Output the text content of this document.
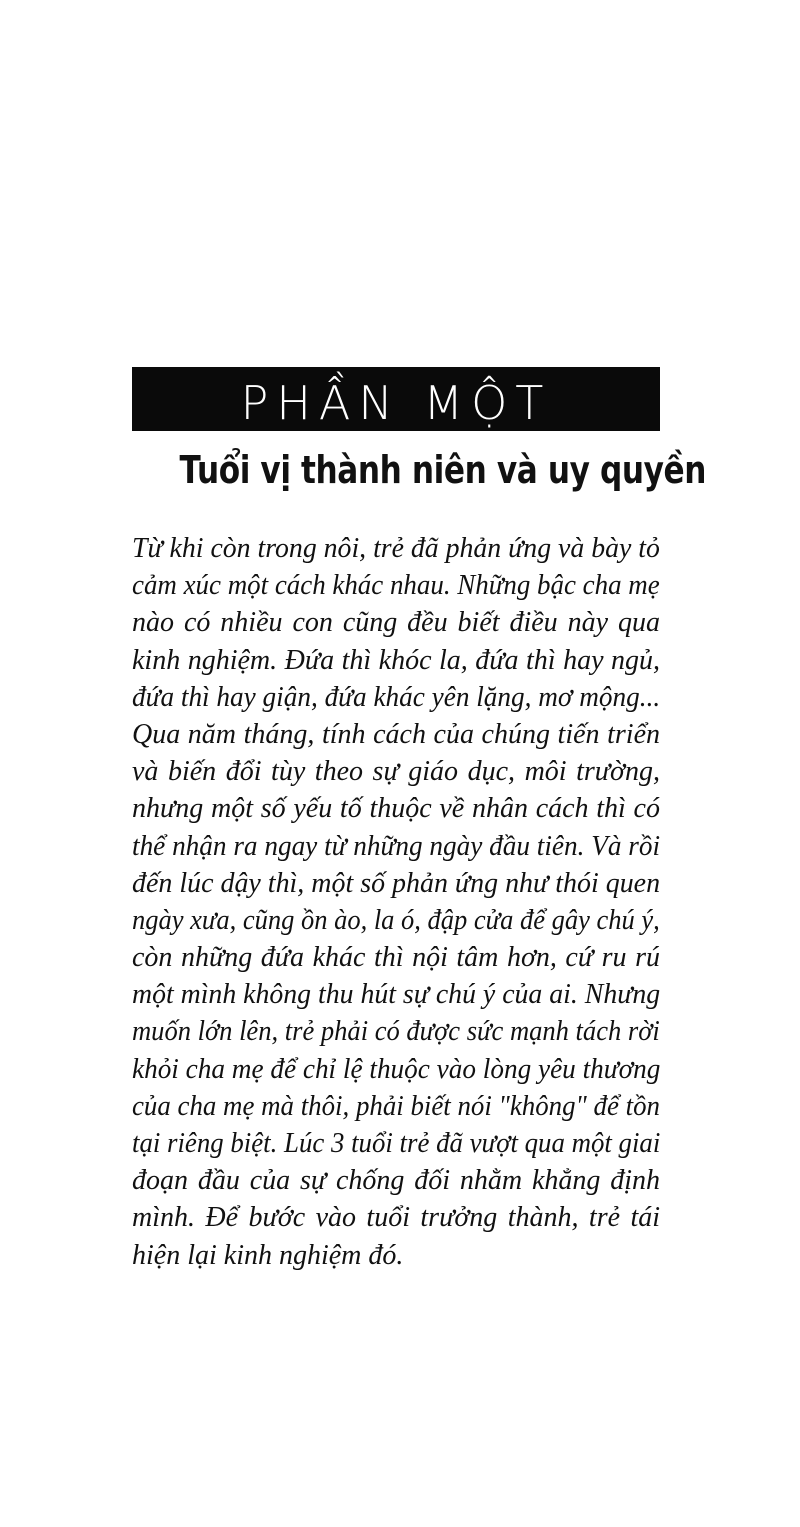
PHẦN MỘT
Tuổi vị thành niên và uy quyền
Từ khi còn trong nôi, trẻ đã phản ứng và bày tỏ
cảm xúc một cách khác nhau. Những bậc cha mẹ
nào có nhiều con cũng đều biết điều này qua
kinh nghiệm. Đứa thì khóc la, đứa thì hay ngủ,
đứa thì hay giận, đứa khác yên lặng, mơ mộng...
Qua năm tháng, tính cách của chúng tiến triển
và biến đổi tùy theo sự giáo dục, môi trường,
nhưng một số yếu tố thuộc về nhân cách thì có
thể nhận ra ngay từ những ngày đầu tiên. Và rồi
đến lúc dậy thì, một số phản ứng như thói quen
ngày xưa, cũng ồn ào, la ó, đập cửa để gây chú ý,
còn những đứa khác thì nội tâm hơn, cứ ru rú
một mình không thu hút sự chú ý của ai. Nhưng
muốn lớn lên, trẻ phải có được sức mạnh tách rời
khỏi cha mẹ để chỉ lệ thuộc vào lòng yêu thương
của cha mẹ mà thôi, phải biết nói "không" để tồn
tại riêng biệt. Lúc 3 tuổi trẻ đã vượt qua một giai
đoạn đầu của sự chống đối nhằm khẳng định
mình. Để bước vào tuổi trưởng thành, trẻ tái
hiện lại kinh nghiệm đó.
